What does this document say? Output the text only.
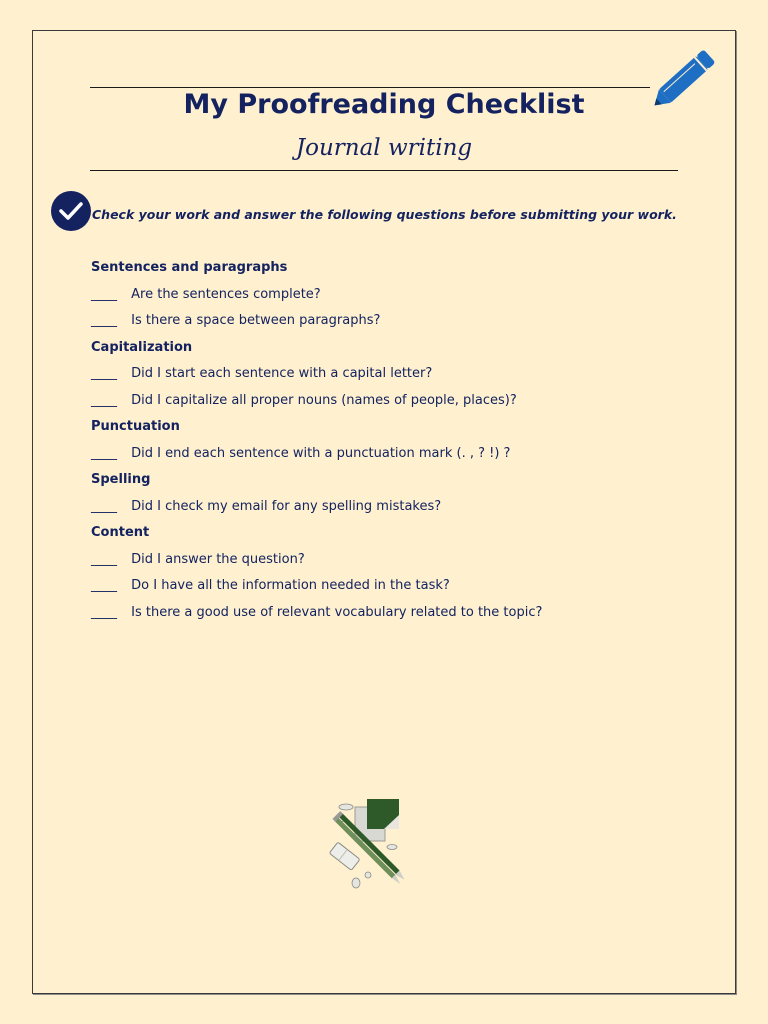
My Proofreading Checklist
Journal writing
Check your work and answer the following questions before submitting your work.
Sentences and paragraphs
____ Are the sentences complete?
____ Is there a space between paragraphs?
Capitalization
____ Did I start each sentence with a capital letter?
____ Did I capitalize all proper nouns (names of people, places)?
Punctuation
____ Did I end each sentence with a punctuation mark (. , ? !) ?
Spelling
____ Did I check my email for any spelling mistakes?
Content
____ Did I answer the question?
____ Do I have all the information needed in the task?
____ Is there a good use of relevant vocabulary related to the topic?
